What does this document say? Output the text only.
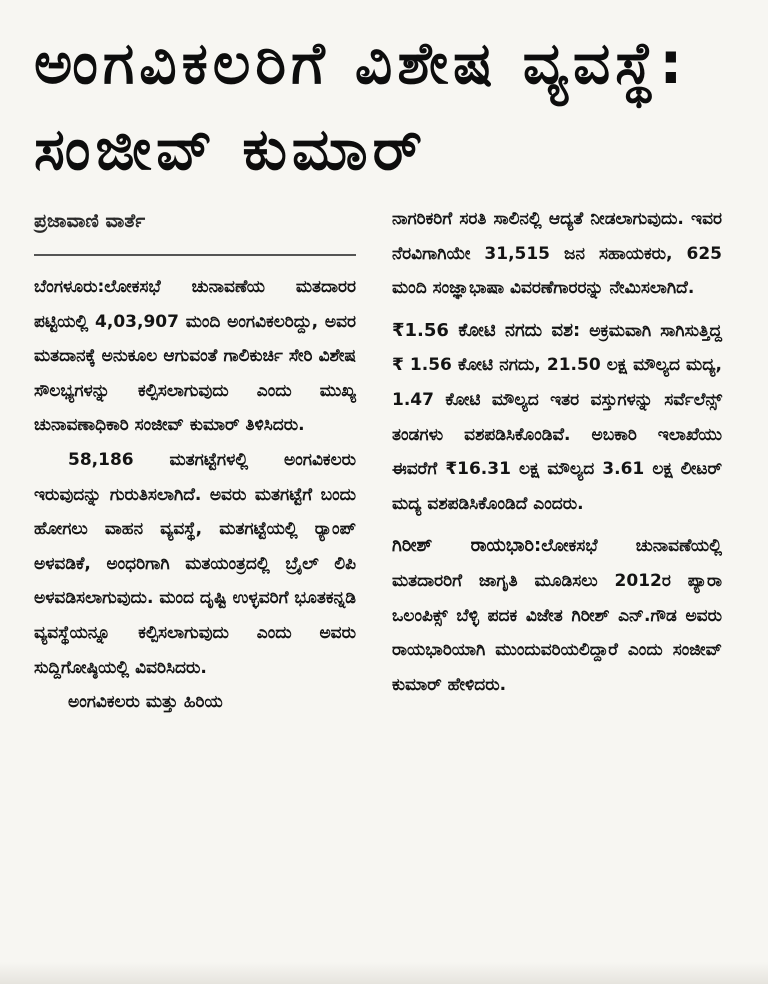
ಅಂಗವಿಕಲರಿಗೆ ವಿಶೇಷ ವ್ಯವಸ್ಥೆ: ಸಂಜೀವ್ ಕುಮಾರ್
ಪ್ರಜಾವಾಣಿ ವಾರ್ತೆ

ಬೆಂಗಳೂರು:ಲೋಕಸಭೆ ಚುನಾವಣೆಯ ಮತದಾರರ ಪಟ್ಟಿಯಲ್ಲಿ 4,03,907 ಮಂದಿ ಅಂಗವಿಕಲರಿದ್ದು, ಅವರ ಮತದಾನಕ್ಕೆ ಅನುಕೂಲ ಆಗುವಂತೆ ಗಾಲಿಕುರ್ಚಿ ಸೇರಿ ವಿಶೇಷ ಸೌಲಭ್ಯಗಳನ್ನು ಕಲ್ಪಿಸಲಾಗುವುದು ಎಂದು ಮುಖ್ಯ ಚುನಾವಣಾಧಿಕಾರಿ ಸಂಜೀವ್ ಕುಮಾರ್ ತಿಳಿಸಿದರು.

58,186 ಮತಗಟ್ಟೆಗಳಲ್ಲಿ ಅಂಗವಿಕಲರು ಇರುವುದನ್ನು ಗುರುತಿಸಲಾಗಿದೆ. ಅವರು ಮತಗಟ್ಟೆಗೆ ಬಂದು ಹೋಗಲು ವಾಹನ ವ್ಯವಸ್ಥೆ, ಮತಗಟ್ಟೆಯಲ್ಲಿ ರ್‍ಯಾಂಪ್ ಅಳವಡಿಕೆ, ಅಂಧರಿಗಾಗಿ ಮತಯಂತ್ರದಲ್ಲಿ ಬ್ರೈಲ್ ಲಿಪಿ ಅಳವಡಿಸಲಾಗುವುದು. ಮಂದ ದೃಷ್ಟಿ ಉಳ್ಳವರಿಗೆ ಭೂತಕನ್ನಡಿ ವ್ಯವಸ್ಥೆಯನ್ನೂ ಕಲ್ಪಿಸಲಾಗುವುದು ಎಂದು ಅವರು ಸುದ್ದಿಗೋಷ್ಠಿಯಲ್ಲಿ ವಿವರಿಸಿದರು.

ಅಂಗವಿಕಲರು ಮತ್ತು ಹಿರಿಯ

ನಾಗರಿಕರಿಗೆ ಸರತಿ ಸಾಲಿನಲ್ಲಿ ಆದ್ಯತೆ ನೀಡಲಾಗುವುದು. ಇವರ ನೆರವಿಗಾಗಿಯೇ 31,515 ಜನ ಸಹಾಯಕರು, 625 ಮಂದಿ ಸಂಜ್ಞಾಭಾಷಾ ವಿವರಣೆಗಾರರನ್ನು ನೇಮಿಸಲಾಗಿದೆ.

₹1.56 ಕೋಟಿ ನಗದು ವಶ: ಅಕ್ರಮವಾಗಿ ಸಾಗಿಸುತ್ತಿದ್ದ ₹ 1.56 ಕೋಟಿ ನಗದು, 21.50 ಲಕ್ಷ ಮೌಲ್ಯದ ಮದ್ಯ, 1.47 ಕೋಟಿ ಮೌಲ್ಯದ ಇತರ ವಸ್ತುಗಳನ್ನು ಸರ್ವೆಲೆನ್ಸ್ ತಂಡಗಳು ವಶಪಡಿಸಿಕೊಂಡಿವೆ. ಅಬಕಾರಿ ಇಲಾಖೆಯು ಈವರೆಗೆ ₹16.31 ಲಕ್ಷ ಮೌಲ್ಯದ 3.61 ಲಕ್ಷ ಲೀಟರ್ ಮದ್ಯ ವಶಪಡಿಸಿಕೊಂಡಿದೆ ಎಂದರು.

ಗಿರೀಶ್ ರಾಯಭಾರಿ:ಲೋಕಸಭೆ ಚುನಾವಣೆಯಲ್ಲಿ ಮತದಾರರಿಗೆ ಜಾಗೃತಿ ಮೂಡಿಸಲು 2012ರ ಪ್ಯಾರಾ ಒಲಂಪಿಕ್ಸ್ ಬೆಳ್ಳಿ ಪದಕ ವಿಜೇತ ಗಿರೀಶ್ ಎನ್.ಗೌಡ ಅವರು ರಾಯಭಾರಿಯಾಗಿ ಮುಂದುವರಿಯಲಿದ್ದಾರೆ ಎಂದು ಸಂಜೀವ್ ಕುಮಾರ್ ಹೇಳಿದರು.
